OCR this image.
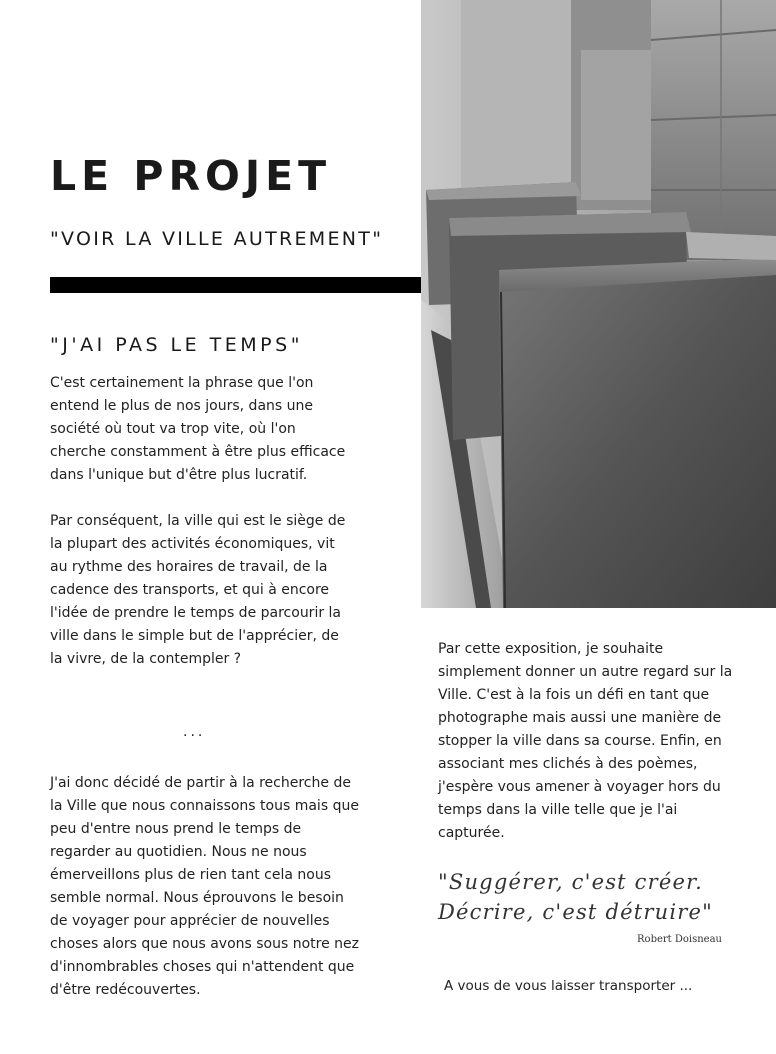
LE PROJET
"VOIR LA VILLE AUTREMENT"
"J'AI PAS LE TEMPS"

C'est certainement la phrase que l'on entend le plus de nos jours, dans une société où tout va trop vite, où l'on cherche constamment à être plus efficace dans l'unique but d'être plus lucratif.

Par conséquent, la ville qui est le siège de la plupart des activités économiques, vit au rythme des horaires de travail, de la cadence des transports, et qui à encore l'idée de prendre le temps de parcourir la ville dans le simple but de l'apprécier, de la vivre, de la contempler ?

...

J'ai donc décidé de partir à la recherche de la Ville que nous connaissons tous mais que peu d'entre nous prend le temps de regarder au quotidien. Nous ne nous émerveillons plus de rien tant cela nous semble normal. Nous éprouvons le besoin de voyager pour apprécier de nouvelles choses alors que nous avons sous notre nez d'innombrables choses qui n'attendent que d'être redécouvertes.

Par cette exposition, je souhaite simplement donner un autre regard sur la Ville. C'est à la fois un défi en tant que photographe mais aussi une manière de stopper la ville dans sa course. Enfin, en associant mes clichés à des poèmes, j'espère vous amener à voyager hors du temps dans la ville telle que je l'ai capturée.

"Suggérer, c'est créer. Décrire, c'est détruire"

Robert Doisneau
A vous de vous laisser transporter ...
